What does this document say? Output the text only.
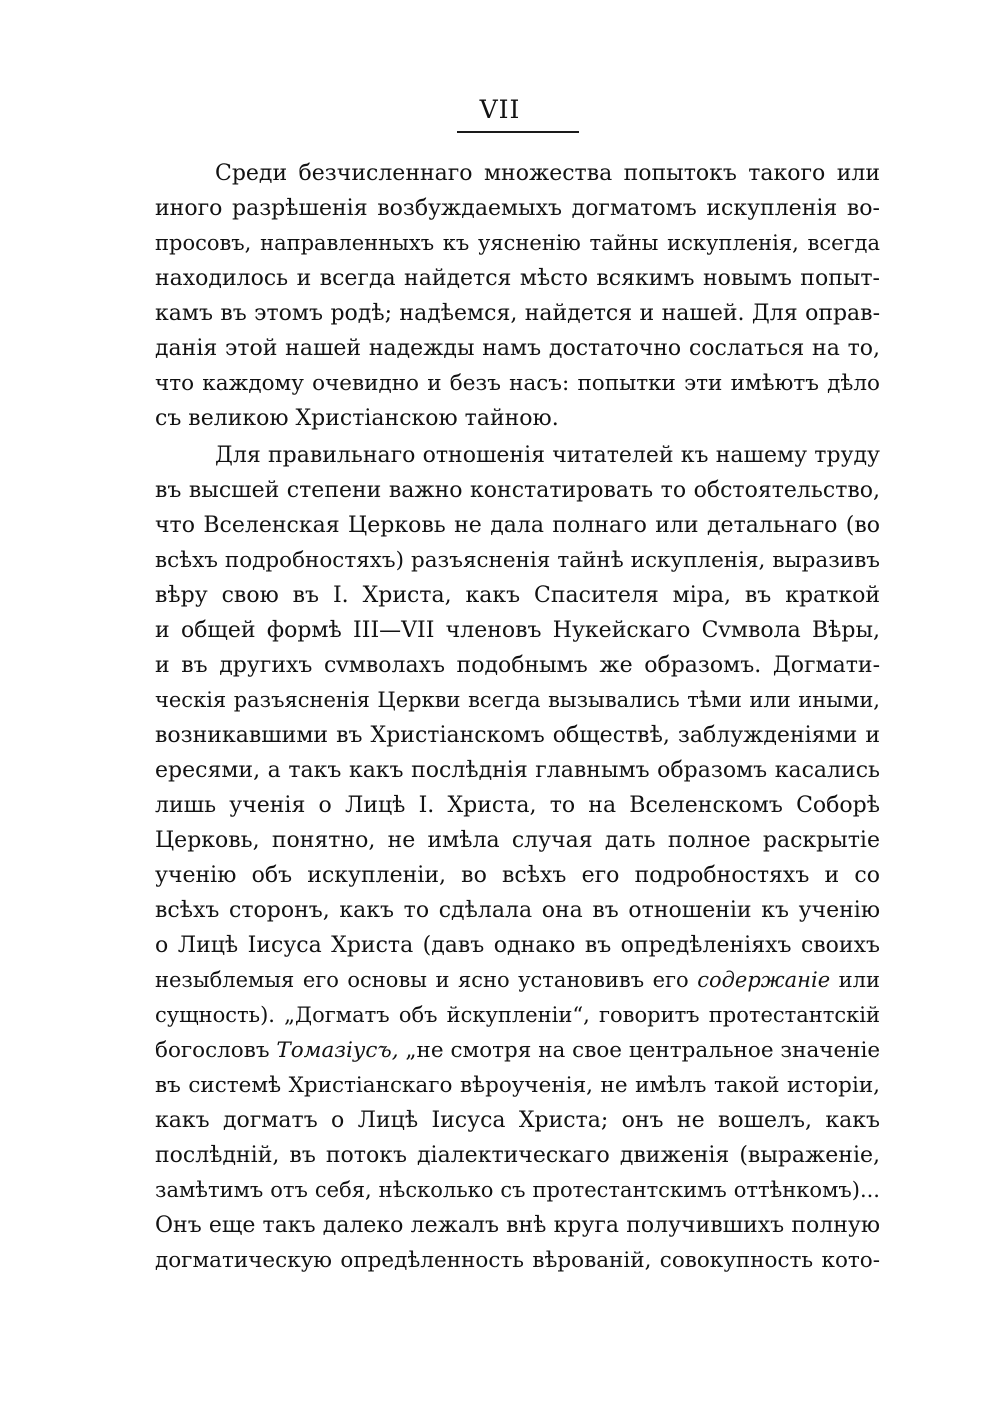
VII
Среди безчисленнаго множества попытокъ такого или
иного разрѣшенія возбуждаемыхъ догматомъ искупленія во-
просовъ, направленныхъ къ уясненію тайны искупленія, всегда
находилось и всегда найдется мѣсто всякимъ новымъ попыт-
камъ въ этомъ родѣ; надѣемся, найдется и нашей. Для оправ-
данія этой нашей надежды намъ достаточно сослаться на то,
что каждому очевидно и безъ насъ: попытки эти имѣютъ дѣло
съ великою Христіанскою тайною.
Для правильнаго отношенія читателей къ нашему труду
въ высшей степени важно констатировать то обстоятельство,
что Вселенская Церковь не дала полнаго или детальнаго (во
всѣхъ подробностяхъ) разъясненія тайнѣ искупленія, выразивъ
вѣру свою въ І. Христа, какъ Спасителя міра, въ краткой
и общей формѣ III—VII членовъ Нукейскаго Сvмвола Вѣры,
и въ другихъ сvмволахъ подобнымъ же образомъ. Догмати-
ческія разъясненія Церкви всегда вызывались тѣми или иными,
возникавшими въ Христіанскомъ обществѣ, заблужденіями и
ересями, а такъ какъ послѣднія главнымъ образомъ касались
лишь ученія о Лицѣ І. Христа, то на Вселенскомъ Соборѣ
Церковь, понятно, не имѣла случая дать полное раскрытіе
ученію объ искупленіи, во всѣхъ его подробностяхъ и со
всѣхъ сторонъ, какъ то сдѣлала она въ отношеніи къ ученію
о Лицѣ Іисуса Христа (давъ однако въ опредѣленіяхъ своихъ
незыблемыя его основы и ясно установивъ его содержаніе или
сущность). „Догматъ объ йскупленіи“, говоритъ протестантскій
богословъ Томазіусъ, „не смотря на свое центральное значеніе
въ системѣ Христіанскаго вѣроученія, не имѣлъ такой исторіи,
какъ догматъ о Лицѣ Іисуса Христа; онъ не вошелъ, какъ
послѣдній, въ потокъ діалектическаго движенія (выраженіе,
замѣтимъ отъ себя, нѣсколько съ протестантскимъ оттѣнкомъ)...
Онъ еще такъ далеко лежалъ внѣ круга получившихъ полную
догматическую опредѣленность вѣрованій, совокупность кото-
